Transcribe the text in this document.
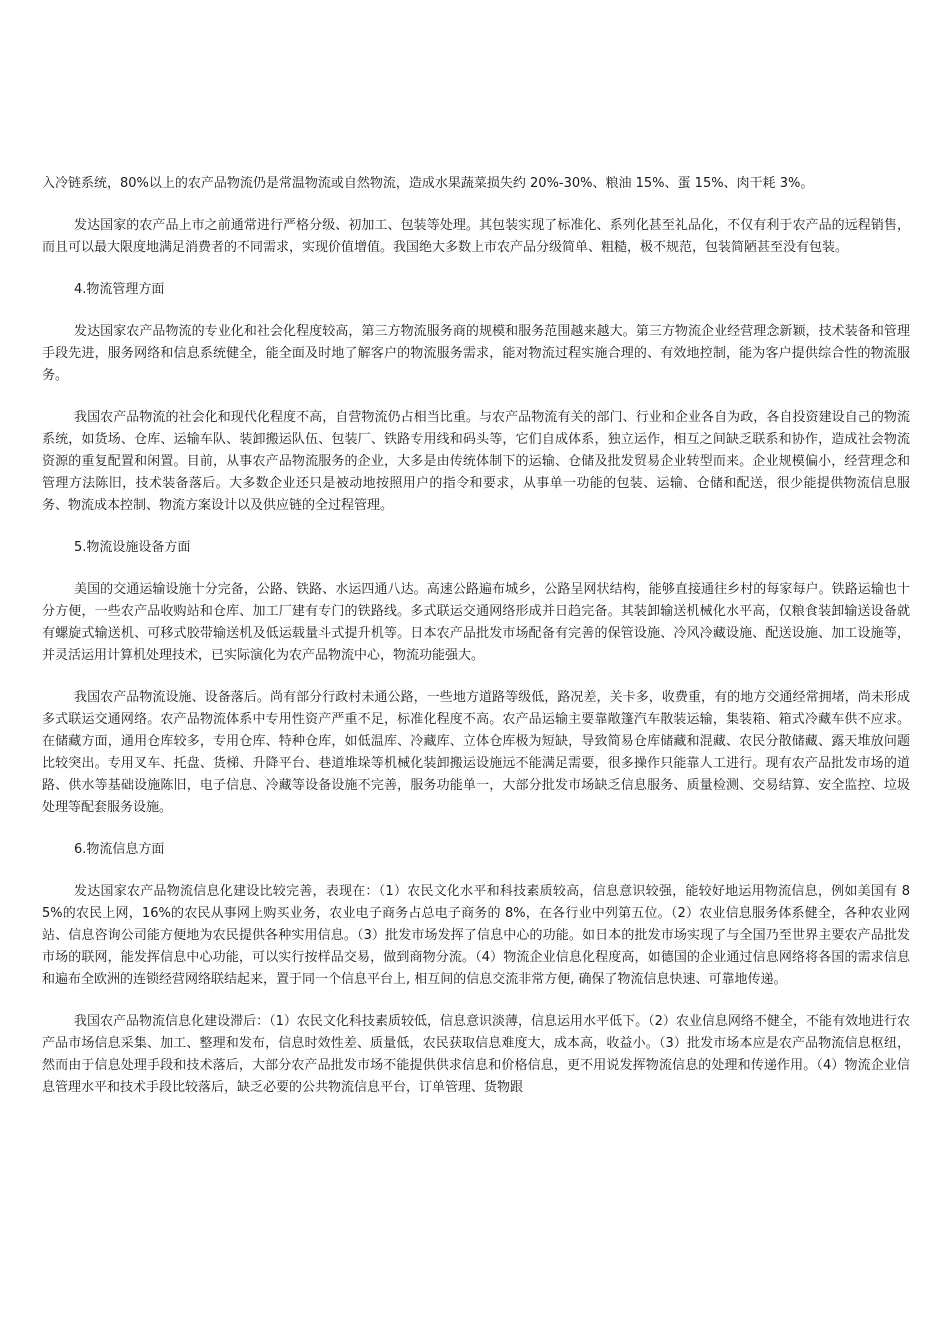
入冷链系统，80%以上的农产品物流仍是常温物流或自然物流，造成水果蔬菜损失约 20%-30%、粮油 15%、蛋 15%、肉干耗 3%。

发达国家的农产品上市之前通常进行严格分级、初加工、包装等处理。其包装实现了标准化、系列化甚至礼品化，不仅有利于农产品的远程销售，而且可以最大限度地满足消费者的不同需求，实现价值增值。我国绝大多数上市农产品分级简单、粗糙，极不规范，包装简陋甚至没有包装。

4.物流管理方面

发达国家农产品物流的专业化和社会化程度较高，第三方物流服务商的规模和服务范围越来越大。第三方物流企业经营理念新颖，技术装备和管理手段先进，服务网络和信息系统健全，能全面及时地了解客户的物流服务需求，能对物流过程实施合理的、有效地控制，能为客户提供综合性的物流服务。

我国农产品物流的社会化和现代化程度不高，自营物流仍占相当比重。与农产品物流有关的部门、行业和企业各自为政，各自投资建设自己的物流系统，如货场、仓库、运输车队、装卸搬运队伍、包装厂、铁路专用线和码头等，它们自成体系，独立运作，相互之间缺乏联系和协作，造成社会物流资源的重复配置和闲置。目前，从事农产品物流服务的企业，大多是由传统体制下的运输、仓储及批发贸易企业转型而来。企业规模偏小，经营理念和管理方法陈旧，技术装备落后。大多数企业还只是被动地按照用户的指令和要求，从事单一功能的包装、运输、仓储和配送，很少能提供物流信息服务、物流成本控制、物流方案设计以及供应链的全过程管理。

5.物流设施设备方面

美国的交通运输设施十分完备，公路、铁路、水运四通八达。高速公路遍布城乡，公路呈网状结构，能够直接通往乡村的每家每户。铁路运输也十分方便，一些农产品收购站和仓库、加工厂建有专门的铁路线。多式联运交通网络形成并日趋完备。其装卸输送机械化水平高，仅粮食装卸输送设备就有螺旋式输送机、可移式胶带输送机及低运载量斗式提升机等。日本农产品批发市场配备有完善的保管设施、冷风冷藏设施、配送设施、加工设施等，并灵活运用计算机处理技术，已实际演化为农产品物流中心，物流功能强大。

我国农产品物流设施、设备落后。尚有部分行政村未通公路，一些地方道路等级低，路况差，关卡多，收费重，有的地方交通经常拥堵，尚未形成多式联运交通网络。农产品物流体系中专用性资产严重不足，标准化程度不高。农产品运输主要靠敞篷汽车散装运输，集装箱、箱式冷藏车供不应求。在储藏方面，通用仓库较多，专用仓库、特种仓库，如低温库、冷藏库、立体仓库极为短缺，导致简易仓库储藏和混藏、农民分散储藏、露天堆放问题比较突出。专用叉车、托盘、货梯、升降平台、巷道堆垛等机械化装卸搬运设施远不能满足需要，很多操作只能靠人工进行。现有农产品批发市场的道路、供水等基础设施陈旧，电子信息、冷藏等设备设施不完善，服务功能单一，大部分批发市场缺乏信息服务、质量检测、交易结算、安全监控、垃圾处理等配套服务设施。

6.物流信息方面

发达国家农产品物流信息化建设比较完善，表现在：（1）农民文化水平和科技素质较高，信息意识较强，能较好地运用物流信息，例如美国有 85%的农民上网，16%的农民从事网上购买业务，农业电子商务占总电子商务的 8%，在各行业中列第五位。（2）农业信息服务体系健全，各种农业网站、信息咨询公司能方便地为农民提供各种实用信息。（3）批发市场发挥了信息中心的功能。如日本的批发市场实现了与全国乃至世界主要农产品批发市场的联网，能发挥信息中心功能，可以实行按样品交易，做到商物分流。（4）物流企业信息化程度高，如德国的企业通过信息网络将各国的需求信息和遍布全欧洲的连锁经营网络联结起来，置于同一个信息平台上, 相互间的信息交流非常方便, 确保了物流信息快速、可靠地传递。

我国农产品物流信息化建设滞后：（1）农民文化科技素质较低，信息意识淡薄，信息运用水平低下。（2）农业信息网络不健全，不能有效地进行农产品市场信息采集、加工、整理和发布，信息时效性差、质量低，农民获取信息难度大，成本高，收益小。（3）批发市场本应是农产品物流信息枢纽，然而由于信息处理手段和技术落后，大部分农产品批发市场不能提供供求信息和价格信息，更不用说发挥物流信息的处理和传递作用。（4）物流企业信息管理水平和技术手段比较落后，缺乏必要的公共物流信息平台，订单管理、货物跟
